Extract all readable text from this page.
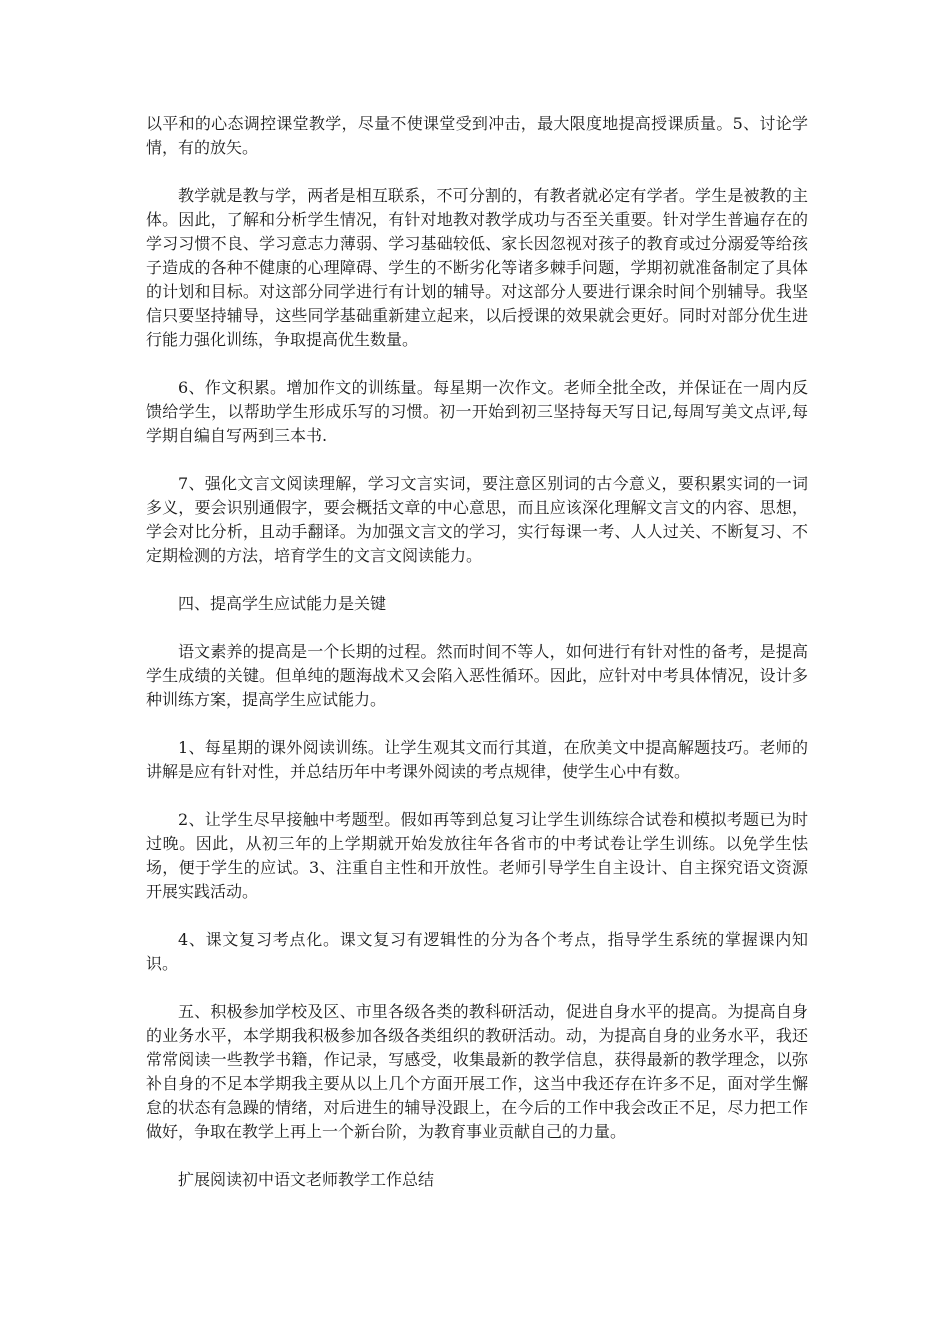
以平和的心态调控课堂教学，尽量不使课堂受到冲击，最大限度地提高授课质量。5、讨论学情，有的放矢。

教学就是教与学，两者是相互联系，不可分割的，有教者就必定有学者。学生是被教的主体。因此，了解和分析学生情况，有针对地教对教学成功与否至关重要。针对学生普遍存在的学习习惯不良、学习意志力薄弱、学习基础较低、家长因忽视对孩子的教育或过分溺爱等给孩子造成的各种不健康的心理障碍、学生的不断劣化等诸多棘手问题，学期初就准备制定了具体的计划和目标。对这部分同学进行有计划的辅导。对这部分人要进行课余时间个别辅导。我坚信只要坚持辅导，这些同学基础重新建立起来，以后授课的效果就会更好。同时对部分优生进行能力强化训练，争取提高优生数量。

6、作文积累。增加作文的训练量。每星期一次作文。老师全批全改，并保证在一周内反馈给学生，以帮助学生形成乐写的习惯。初一开始到初三坚持每天写日记,每周写美文点评,每学期自编自写两到三本书.

7、强化文言文阅读理解，学习文言实词，要注意区别词的古今意义，要积累实词的一词多义，要会识别通假字，要会概括文章的中心意思，而且应该深化理解文言文的内容、思想，学会对比分析，且动手翻译。为加强文言文的学习，实行每课一考、人人过关、不断复习、不定期检测的方法，培育学生的文言文阅读能力。

四、提高学生应试能力是关键

语文素养的提高是一个长期的过程。然而时间不等人，如何进行有针对性的备考，是提高学生成绩的关键。但单纯的题海战术又会陷入恶性循环。因此，应针对中考具体情况，设计多种训练方案，提高学生应试能力。

1、每星期的课外阅读训练。让学生观其文而行其道，在欣美文中提高解题技巧。老师的讲解是应有针对性，并总结历年中考课外阅读的考点规律，使学生心中有数。

2、让学生尽早接触中考题型。假如再等到总复习让学生训练综合试卷和模拟考题已为时过晚。因此，从初三年的上学期就开始发放往年各省市的中考试卷让学生训练。以免学生怯场，便于学生的应试。3、注重自主性和开放性。老师引导学生自主设计、自主探究语文资源开展实践活动。

4、课文复习考点化。课文复习有逻辑性的分为各个考点，指导学生系统的掌握课内知识。

五、积极参加学校及区、市里各级各类的教科研活动，促进自身水平的提高。为提高自身的业务水平，本学期我积极参加各级各类组织的教研活动。动，为提高自身的业务水平，我还常常阅读一些教学书籍，作记录，写感受，收集最新的教学信息，获得最新的教学理念，以弥补自身的不足本学期我主要从以上几个方面开展工作，这当中我还存在许多不足，面对学生懈怠的状态有急躁的情绪，对后进生的辅导没跟上，在今后的工作中我会改正不足，尽力把工作做好，争取在教学上再上一个新台阶，为教育事业贡献自己的力量。

扩展阅读初中语文老师教学工作总结
